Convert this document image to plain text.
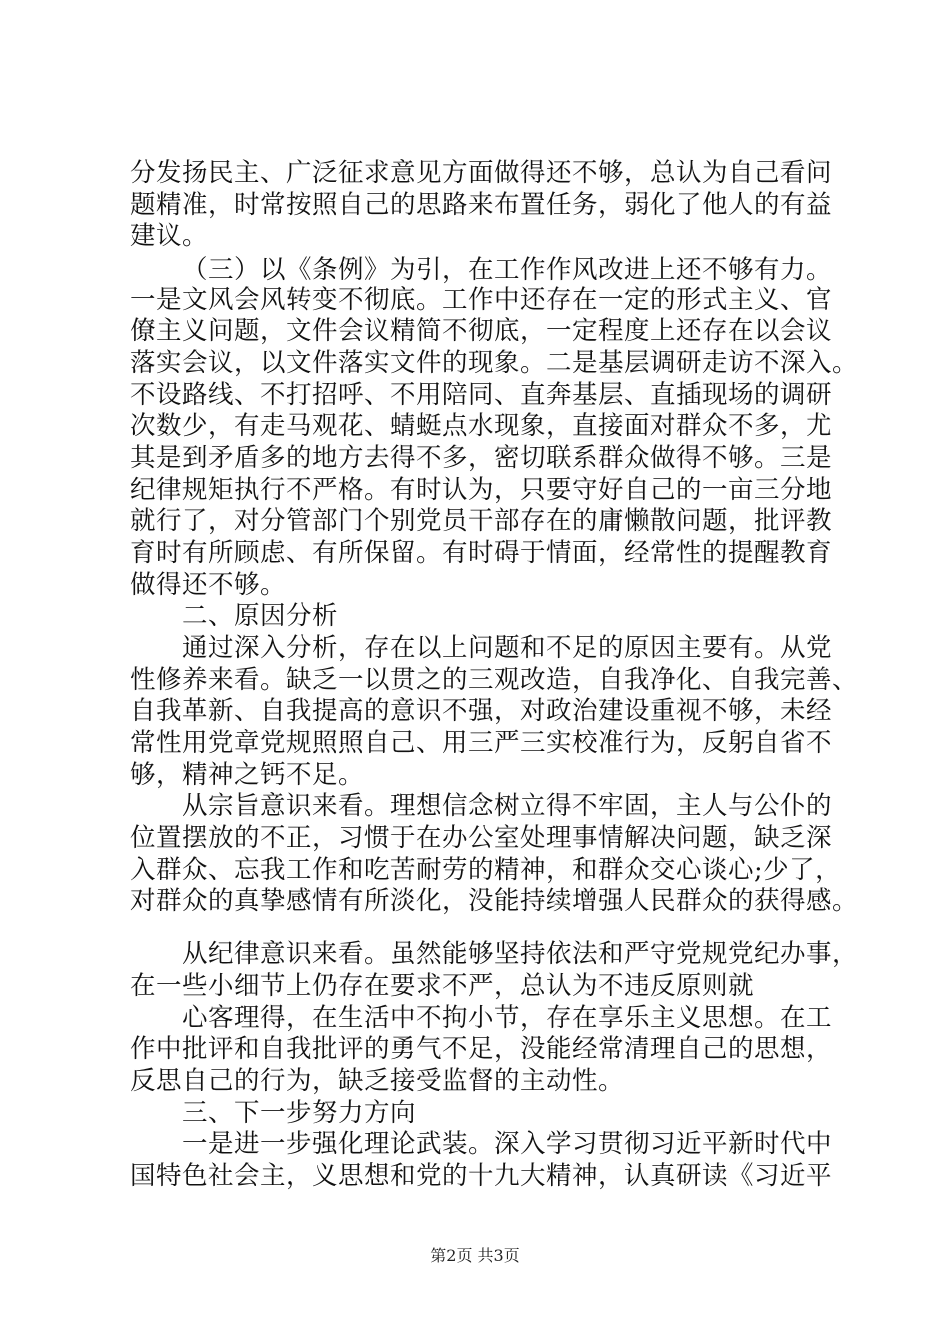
分发扬民主、广泛征求意见方面做得还不够，总认为自己看问
题精准，时常按照自己的思路来布置任务，弱化了他人的有益
建议。
（三）以《条例》为引，在工作作风改进上还不够有力。
一是文风会风转变不彻底。工作中还存在一定的形式主义、官
僚主义问题，文件会议精简不彻底，一定程度上还存在以会议
落实会议，以文件落实文件的现象。二是基层调研走访不深入。
不设路线、不打招呼、不用陪同、直奔基层、直插现场的调研
次数少，有走马观花、蜻蜓点水现象，直接面对群众不多，尤
其是到矛盾多的地方去得不多，密切联系群众做得不够。三是
纪律规矩执行不严格。有时认为，只要守好自己的一亩三分地
就行了，对分管部门个别党员干部存在的庸懒散问题，批评教
育时有所顾虑、有所保留。有时碍于情面，经常性的提醒教育
做得还不够。
二、原因分析
通过深入分析，存在以上问题和不足的原因主要有。从党
性修养来看。缺乏一以贯之的三观改造，自我净化、自我完善、
自我革新、自我提高的意识不强，对政治建设重视不够，未经
常性用党章党规照照自己、用三严三实校准行为，反躬自省不
够，精神之钙不足。
从宗旨意识来看。理想信念树立得不牢固，主人与公仆的
位置摆放的不正，习惯于在办公室处理事情解决问题，缺乏深
入群众、忘我工作和吃苦耐劳的精神，和群众交心谈心;少了，
对群众的真挚感情有所淡化，没能持续增强人民群众的获得感。
从纪律意识来看。虽然能够坚持依法和严守党规党纪办事，
在一些小细节上仍存在要求不严，总认为不违反原则就
心客理得，在生活中不拘小节，存在享乐主义思想。在工
作中批评和自我批评的勇气不足，没能经常清理自己的思想，
反思自己的行为，缺乏接受监督的主动性。
三、下一步努力方向
一是进一步强化理论武装。深入学习贯彻习近平新时代中
国特色社会主，义思想和党的十九大精神，认真研读《习近平
第2页 共3页
